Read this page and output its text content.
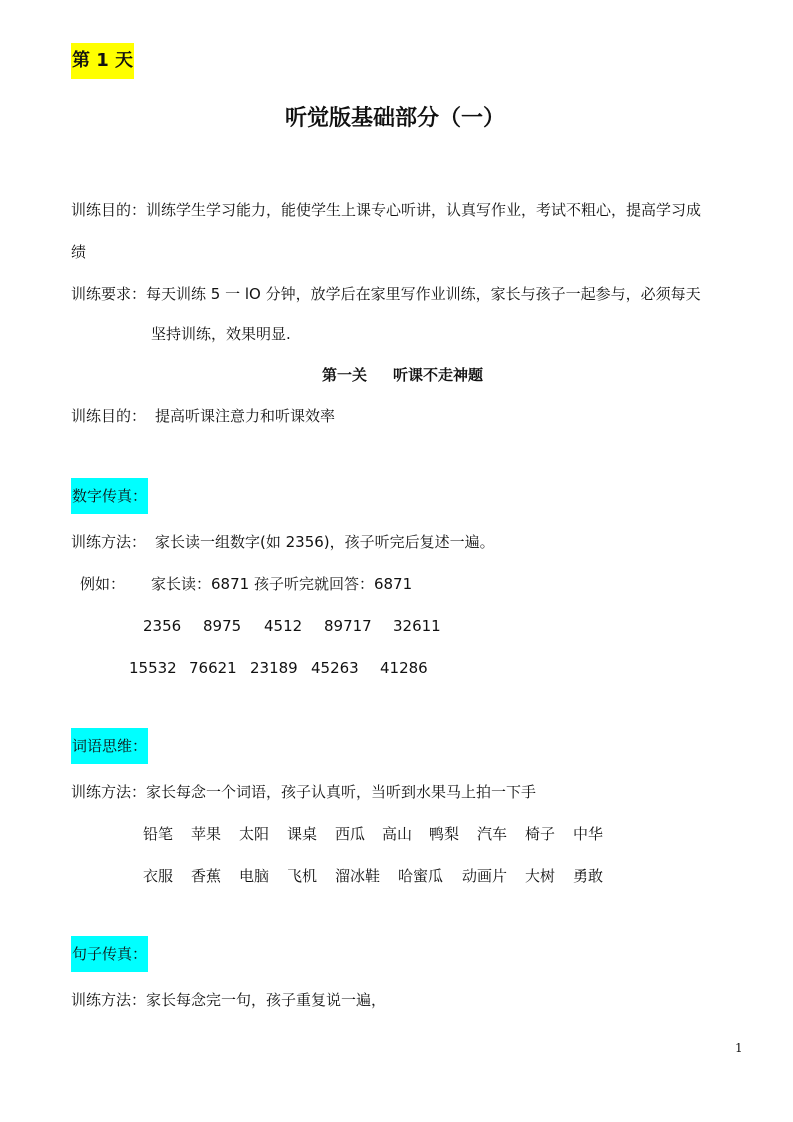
第 1 天
听觉版基础部分（一）
训练目的：训练学生学习能力，能使学生上课专心听讲，认真写作业，考试不粗心，提高学习成
绩
训练要求：每天训练 5 一 lO 分钟，放学后在家里写作业训练，家长与孩子一起参与，必须每天
坚持训练，效果明显.
第一关 听课不走神题
训练目的： 提高听课注意力和听课效率
数字传真：
训练方法： 家长读一组数字(如 2356)，孩子听完后复述一遍。
例如： 家长读：6871 孩子听完就回答：6871
2356	8975	4512	89717	32611
15532 76621 23189 45263	41286
词语思维：
训练方法：家长每念一个词语，孩子认真听，当听到水果马上拍一下手
铅笔	苹果	太阳	课桌	西瓜	高山	鸭梨	汽车	椅子	中华
衣服	香蕉	电脑	飞机	溜冰鞋	哈蜜瓜	动画片	大树	勇敢
句子传真：
训练方法：家长每念完一句，孩子重复说一遍，
1
